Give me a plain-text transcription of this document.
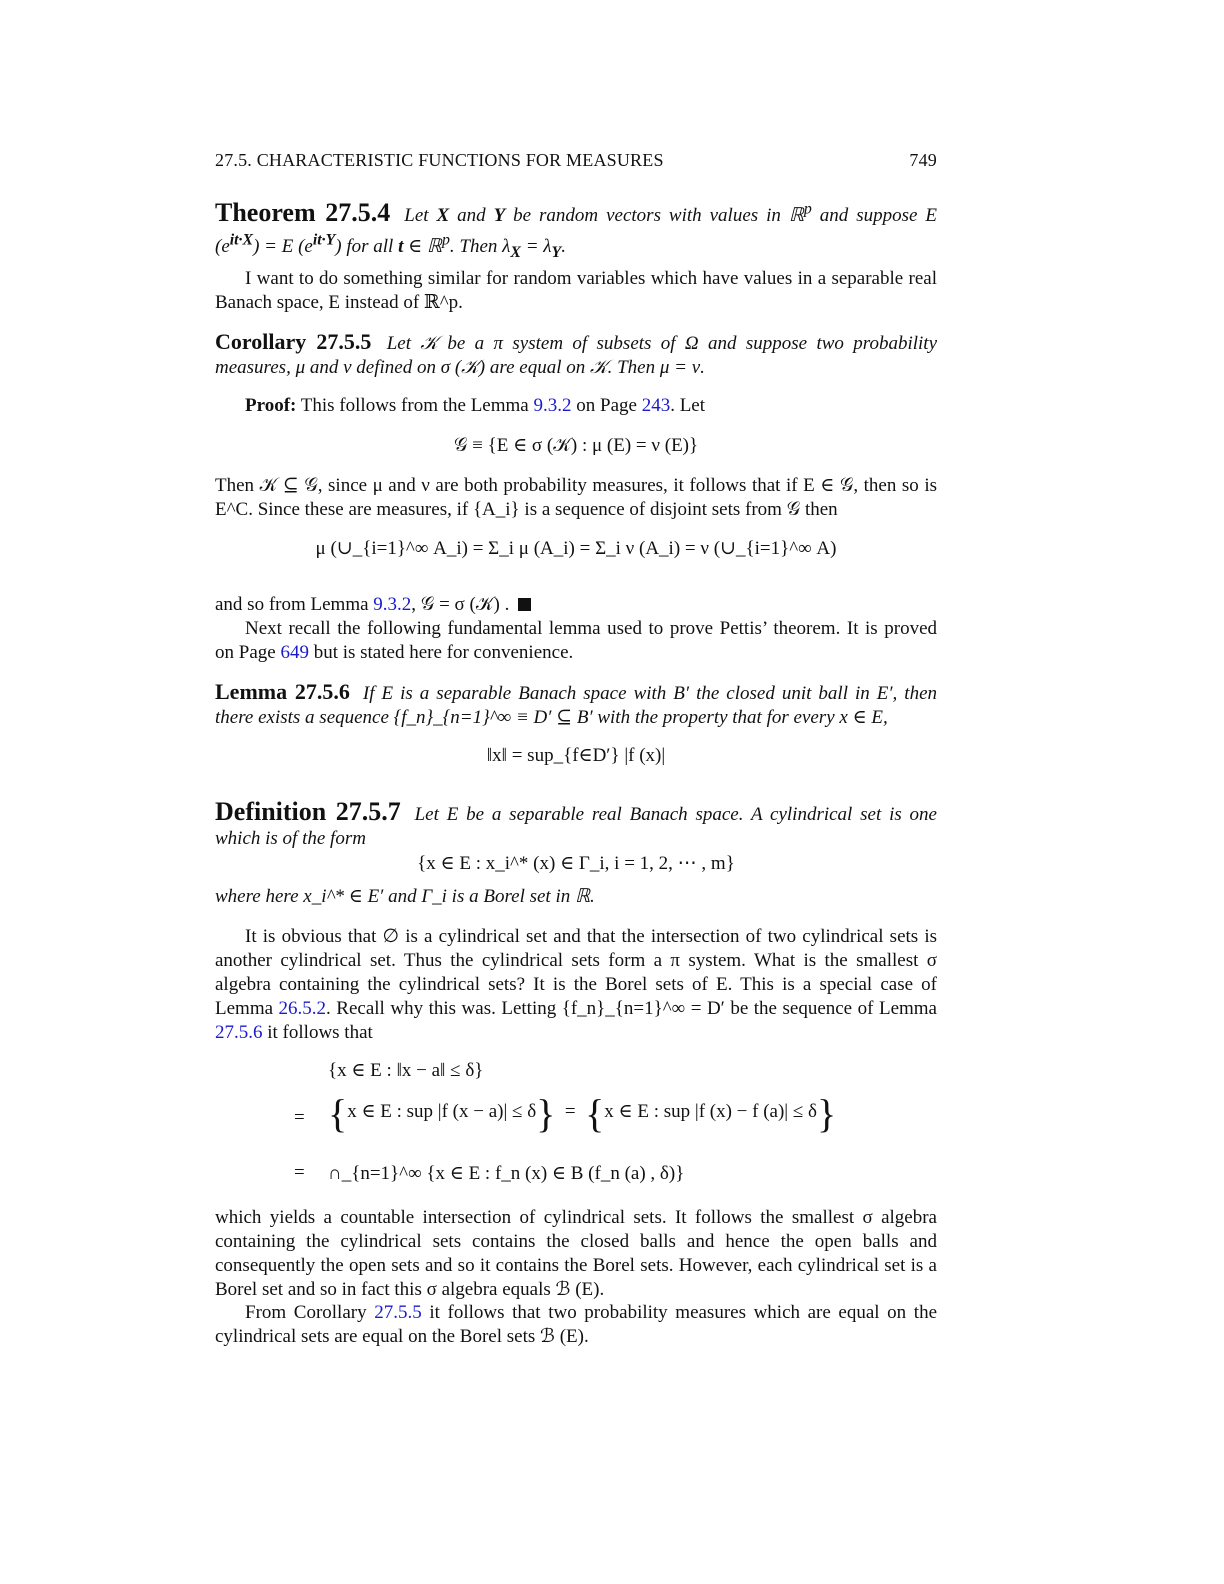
27.5. CHARACTERISTIC FUNCTIONS FOR MEASURES	749
Theorem 27.5.4 Let X and Y be random vectors with values in ℝ$^p$ and suppose E $(e^{it\cdot X}) = E$ $(e^{it\cdot Y})$ for all t ∈ ℝ$^p$. Then $\lambda_X = \lambda_Y$.
I want to do something similar for random variables which have values in a separable real Banach space, E instead of ℝ^p.
Corollary 27.5.5 Let 𝒦 be a π system of subsets of Ω and suppose two probability measures, μ and ν defined on σ (𝒦) are equal on 𝒦. Then μ = ν.
Proof: This follows from the Lemma 9.3.2 on Page 243. Let
𝒢 ≡ {E ∈ σ (𝒦) : μ (E) = ν (E)}
Then 𝒦 ⊆ 𝒢, since μ and ν are both probability measures, it follows that if E ∈ 𝒢, then so is E^C. Since these are measures, if {A_i} is a sequence of disjoint sets from 𝒢 then
μ (∪_{i=1}^∞ A_i) = Σ_i μ (A_i) = Σ_i ν (A_i) = ν (∪_{i=1}^∞ A)
and so from Lemma 9.3.2, 𝒢 = σ (𝒦) .
Next recall the following fundamental lemma used to prove Pettis’ theorem. It is proved on Page 649 but is stated here for convenience.
Lemma 27.5.6 If E is a separable Banach space with B′ the closed unit ball in E′, then there exists a sequence {f_n}_{n=1}^∞ ≡ D′ ⊆ B′ with the property that for every x ∈ E,
‖x‖ = sup_{f∈D′} |f (x)|
Definition 27.5.7 Let E be a separable real Banach space. A cylindrical set is one which is of the form
{x ∈ E : x_i^* (x) ∈ Γ_i, i = 1, 2, ⋯ , m}
where here x_i^* ∈ E′ and Γ_i is a Borel set in ℝ.
It is obvious that ∅ is a cylindrical set and that the intersection of two cylindrical sets is another cylindrical set. Thus the cylindrical sets form a π system. What is the smallest σ algebra containing the cylindrical sets? It is the Borel sets of E. This is a special case of Lemma 26.5.2. Recall why this was. Letting {f_n}_{n=1}^∞ = D′ be the sequence of Lemma 27.5.6 it follows that
{x ∈ E : ‖x − a‖ ≤ δ}
= {x ∈ E : sup |f (x − a)| ≤ δ}  =  {x ∈ E : sup |f (x) − f (a)| ≤ δ}
= ∩_{n=1}^∞ {x ∈ E : f_n (x) ∈ B (f_n (a) , δ)}
which yields a countable intersection of cylindrical sets. It follows the smallest σ algebra containing the cylindrical sets contains the closed balls and hence the open balls and consequently the open sets and so it contains the Borel sets. However, each cylindrical set is a Borel set and so in fact this σ algebra equals ℬ (E).
From Corollary 27.5.5 it follows that two probability measures which are equal on the cylindrical sets are equal on the Borel sets ℬ (E).
